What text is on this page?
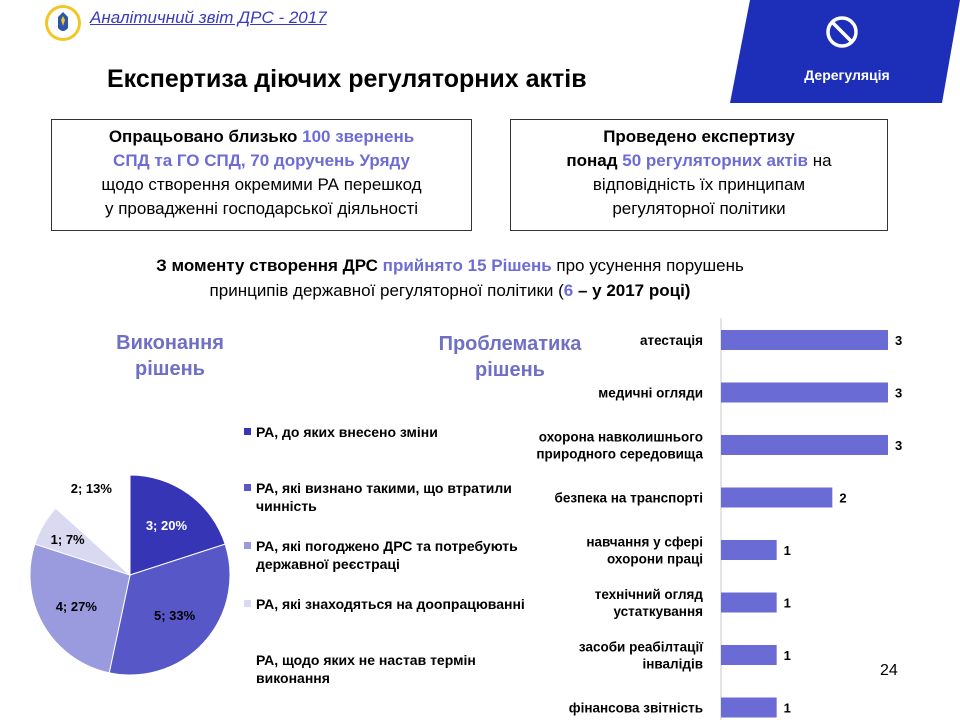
Аналітичний звіт ДРС - 2017
Дерегуляція
Експертиза діючих регуляторних актів
Опрацьовано близько 100 звернень
СПД та ГО СПД, 70 доручень Уряду
щодо створення окремими РА перешкод
у провадженні господарської діяльності
Проведено експертизу
понад 50 регуляторних актів на
відповідність їх принципам
регуляторної політики
З моменту створення ДРС прийнято 15 Рішень про усунення порушень
принципів державної регуляторної політики (6 – у 2017 році)
Виконання
рішень
Проблематика
рішень
3; 20%
5; 33%
4; 27%
1; 7%
2; 13%
РА, до яких внесено зміни
РА, які визнано такими, що втратили чинність
РА, які погоджено ДРС та потребують державної реєстраці
РА, які знаходяться на доопрацюванні
РА, щодо яких не настав термін виконання
3
атестація
3
медичні огляди
3
охорона навколишнього
природного середовища
2
безпека на транспорті
1
навчання у сфері
охорони праці
1
технічний огляд
устаткування
1
засоби реабілтації
інвалідів
1
фінансова звітність
24
